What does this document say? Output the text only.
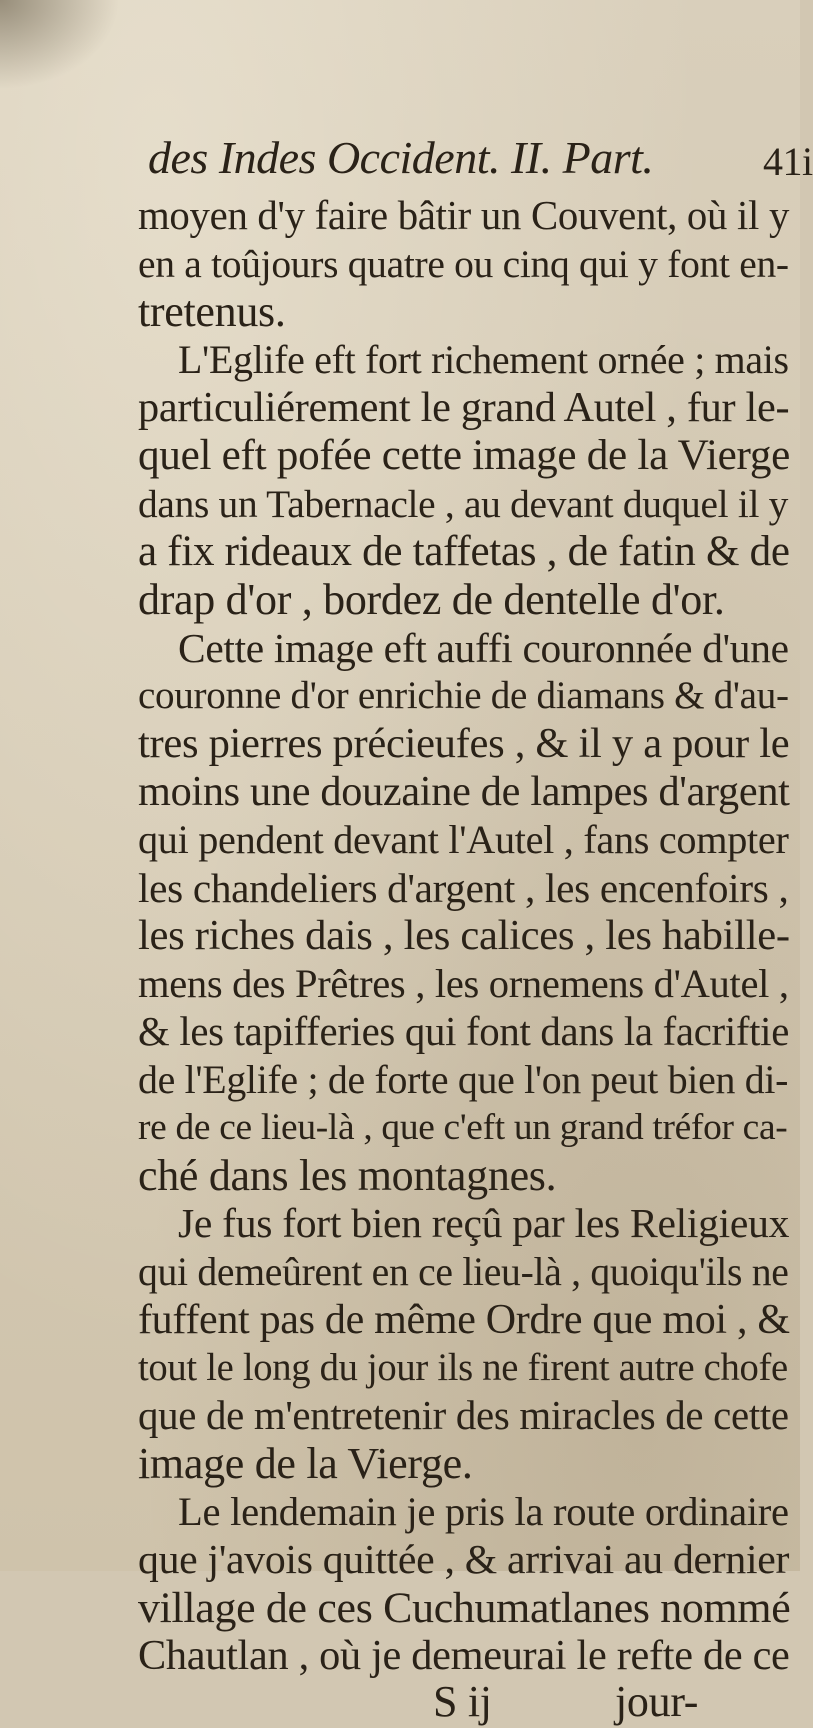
des Indes Occident. II. Part.	41i
moyen d'y faire bâtir un Couvent, où il y
en a toûjours quatre ou cinq qui y font en-
tretenus.
L'Eglife eft fort richement ornée ; mais
particuliérement le grand Autel , fur le-
quel eft pofée cette image de la Vierge
dans un Tabernacle , au devant duquel il y
a fix rideaux de taffetas , de fatin & de
drap d'or , bordez de dentelle d'or.
Cette image eft auffi couronnée d'une
couronne d'or enrichie de diamans & d'au-
tres pierres précieufes , & il y a pour le
moins une douzaine de lampes d'argent
qui pendent devant l'Autel , fans compter
les chandeliers d'argent , les encenfoirs ,
les riches dais , les calices , les habille-
mens des Prêtres , les ornemens d'Autel ,
& les tapifferies qui font dans la facriftie
de l'Eglife ; de forte que l'on peut bien di-
re de ce lieu-là , que c'eft un grand tréfor ca-
ché dans les montagnes.
Je fus fort bien reçû par les Religieux
qui demeûrent en ce lieu-là , quoiqu'ils ne
fuffent pas de même Ordre que moi , &
tout le long du jour ils ne firent autre chofe
que de m'entretenir des miracles de cette
image de la Vierge.
Le lendemain je pris la route ordinaire
que j'avois quittée , & arrivai au dernier
village de ces Cuchumatlanes nommé
Chautlan , où je demeurai le refte de ce
S ij	jour-
